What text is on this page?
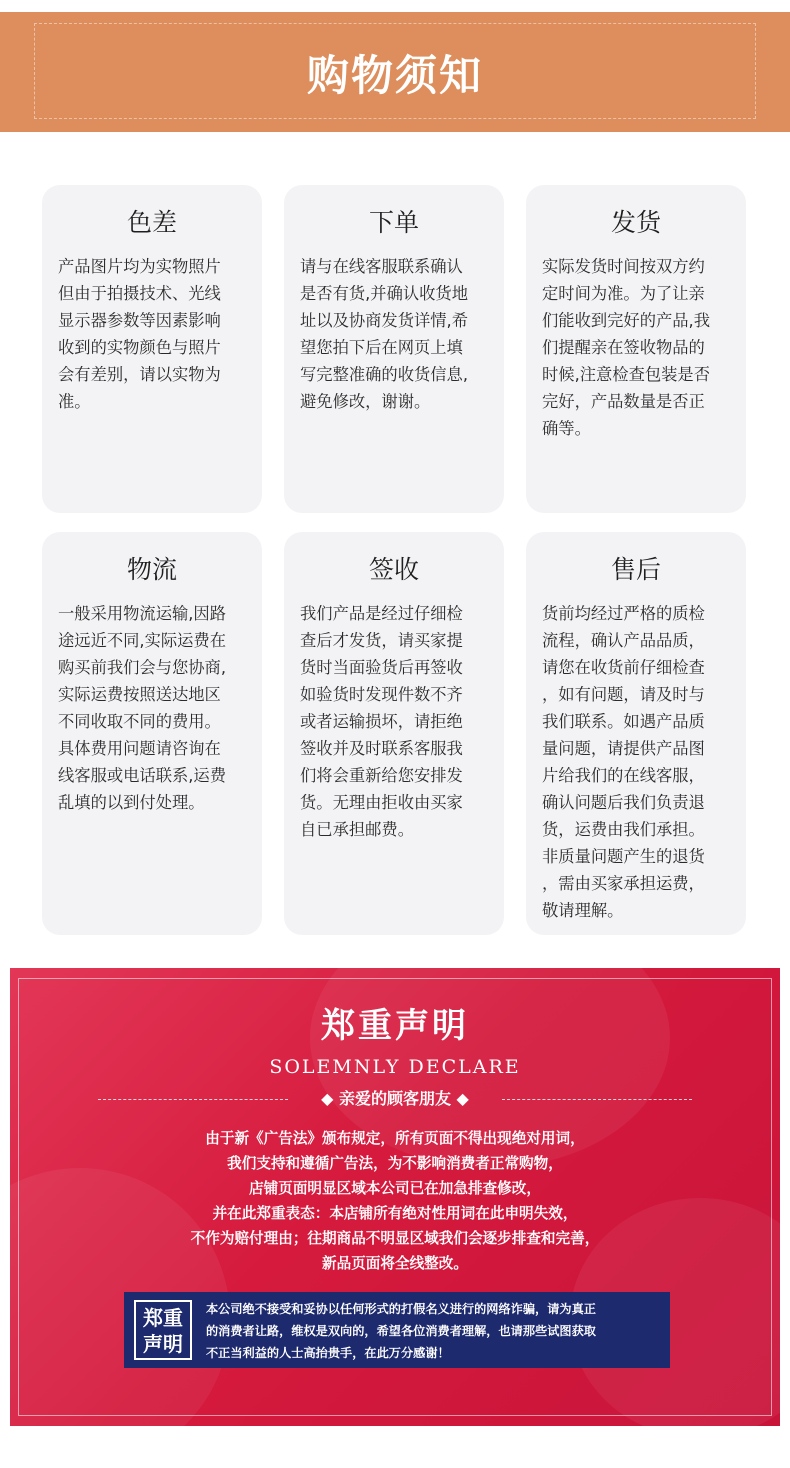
购物须知
色差
产品图片均为实物照片
但由于拍摄技术、光线
显示器参数等因素影响
收到的实物颜色与照片
会有差别，请以实物为
准。
下单
请与在线客服联系确认
是否有货,并确认收货地
址以及协商发货详情,希
望您拍下后在网页上填
写完整准确的收货信息,
避免修改，谢谢。
发货
实际发货时间按双方约
定时间为准。为了让亲
们能收到完好的产品,我
们提醒亲在签收物品的
时候,注意检查包装是否
完好，产品数量是否正
确等。
物流
一般采用物流运输,因路
途远近不同,实际运费在
购买前我们会与您协商,
实际运费按照送达地区
不同收取不同的费用。
具体费用问题请咨询在
线客服或电话联系,运费
乱填的以到付处理。
签收
我们产品是经过仔细检
查后才发货，请买家提
货时当面验货后再签收
如验货时发现件数不齐
或者运输损坏，请拒绝
签收并及时联系客服我
们将会重新给您安排发
货。无理由拒收由买家
自已承担邮费。
售后
货前均经过严格的质检
流程，确认产品品质，
请您在收货前仔细检查
，如有问题，请及时与
我们联系。如遇产品质
量问题，请提供产品图
片给我们的在线客服，
确认问题后我们负责退
货，运费由我们承担。
非质量问题产生的退货
，需由买家承担运费，
敬请理解。
郑重声明
SOLEMNLY DECLARE
◆ 亲爱的顾客朋友 ◆
由于新《广告法》颁布规定，所有页面不得出现绝对用词，
我们支持和遵循广告法，为不影响消费者正常购物，
店铺页面明显区域本公司已在加急排查修改，
并在此郑重表态：本店铺所有绝对性用词在此申明失效，
不作为赔付理由；往期商品不明显区域我们会逐步排查和完善，
新品页面将全线整改。
郑重
声明
本公司绝不接受和妥协以任何形式的打假名义进行的网络诈骗，请为真正
的消费者让路，维权是双向的，希望各位消费者理解，也请那些试图获取
不正当利益的人士高抬贵手，在此万分感谢！
